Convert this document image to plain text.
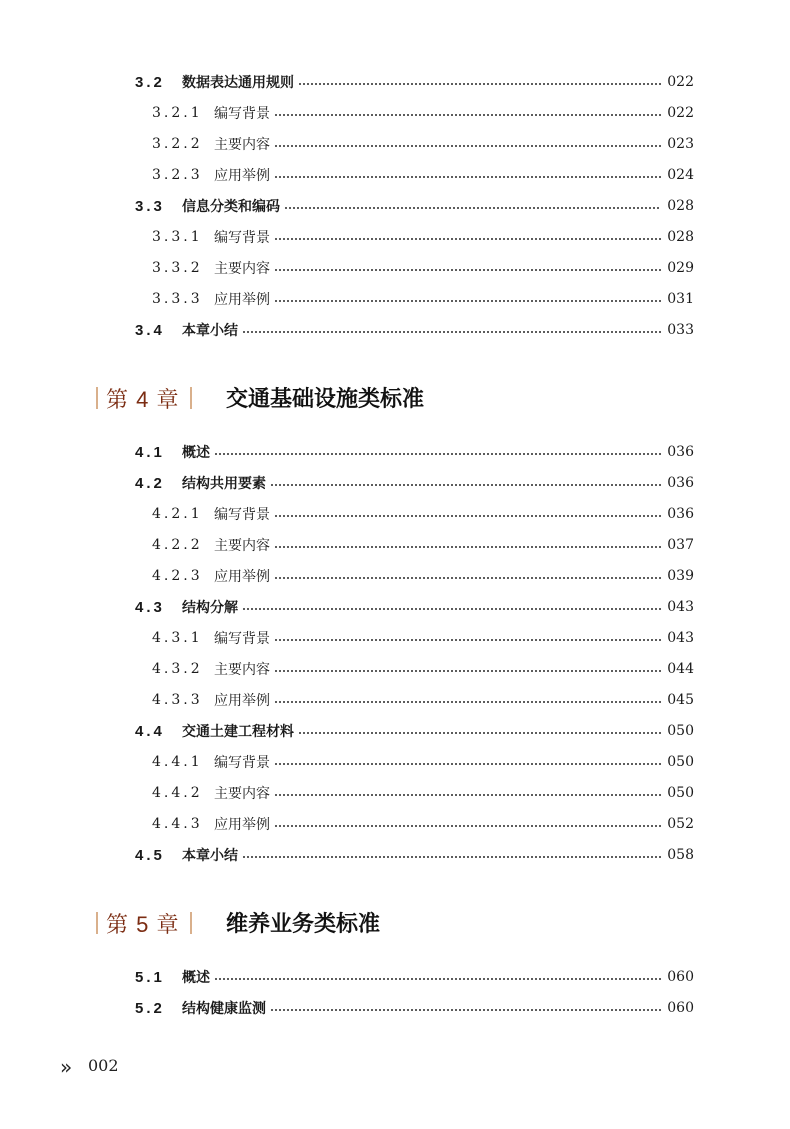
3.2 数据表达通用规则	022
3.2.1 编写背景	022
3.2.2 主要内容	023
3.2.3 应用举例	024
3.3 信息分类和编码	028
3.3.1 编写背景	028
3.3.2 主要内容	029
3.3.3 应用举例	031
3.4 本章小结	033
第 4 章 交通基础设施类标准
4.1 概述	036
4.2 结构共用要素	036
4.2.1 编写背景	036
4.2.2 主要内容	037
4.2.3 应用举例	039
4.3 结构分解	043
4.3.1 编写背景	043
4.3.2 主要内容	044
4.3.3 应用举例	045
4.4 交通土建工程材料	050
4.4.1 编写背景	050
4.4.2 主要内容	050
4.4.3 应用举例	052
4.5 本章小结	058
第 5 章 维养业务类标准
5.1 概述	060
5.2 结构健康监测	060
» 002
